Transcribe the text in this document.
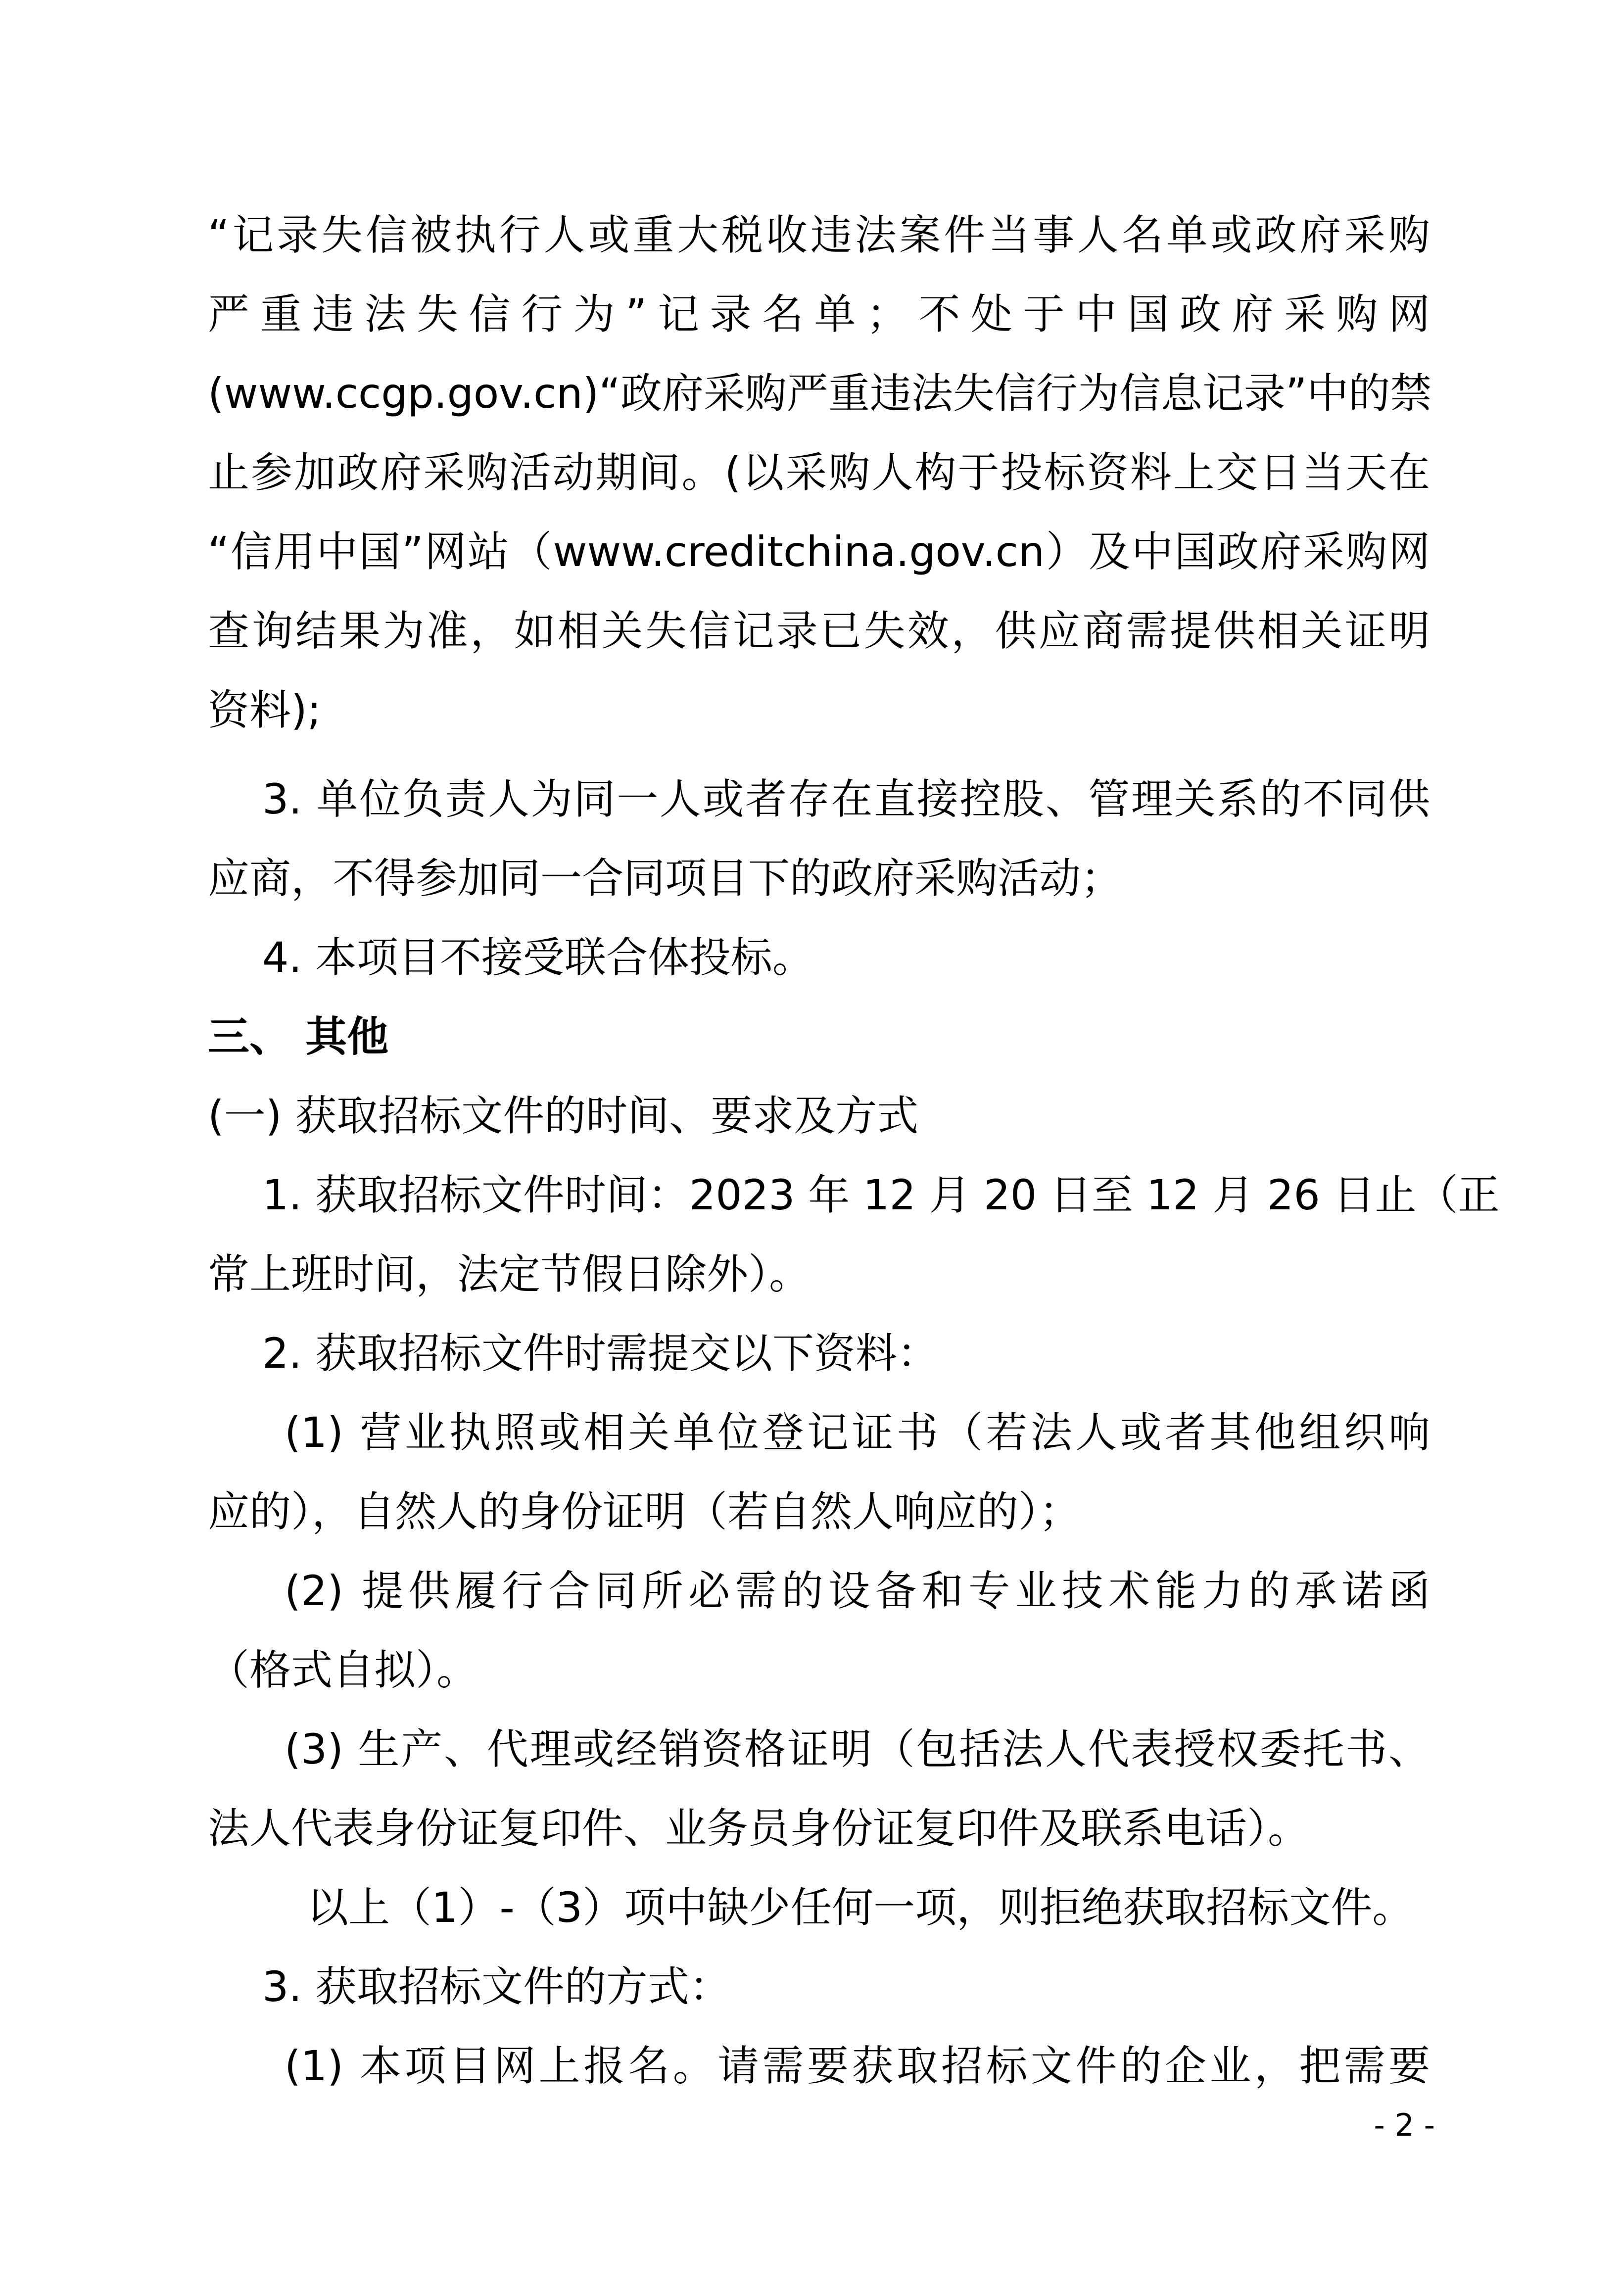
“记录失信被执行人或重大税收违法案件当事人名单或政府采购
严重违法失信行为”记录名单；不处于中国政府采购网
(www.ccgp.gov.cn)“政府采购严重违法失信行为信息记录”中的禁
止参加政府采购活动期间。(以采购人构于投标资料上交日当天在
“信用中国”网站（www.creditchina.gov.cn）及中国政府采购网
查询结果为准，如相关失信记录已失效，供应商需提供相关证明
资料);
3. 单位负责人为同一人或者存在直接控股、管理关系的不同供
应商，不得参加同一合同项目下的政府采购活动；
4. 本项目不接受联合体投标。
三、 其他
(一) 获取招标文件的时间、要求及方式
1. 获取招标文件时间：2023 年 12 月 20 日至 12 月 26 日止（正
常上班时间，法定节假日除外）。
2. 获取招标文件时需提交以下资料：
(1) 营业执照或相关单位登记证书（若法人或者其他组织响
应的），自然人的身份证明（若自然人响应的）；
(2) 提供履行合同所必需的设备和专业技术能力的承诺函
（格式自拟）。
(3) 生产、代理或经销资格证明（包括法人代表授权委托书、
法人代表身份证复印件、业务员身份证复印件及联系电话）。
以上（1）-（3）项中缺少任何一项，则拒绝获取招标文件。
3. 获取招标文件的方式：
(1) 本项目网上报名。请需要获取招标文件的企业，把需要
- 2 -
